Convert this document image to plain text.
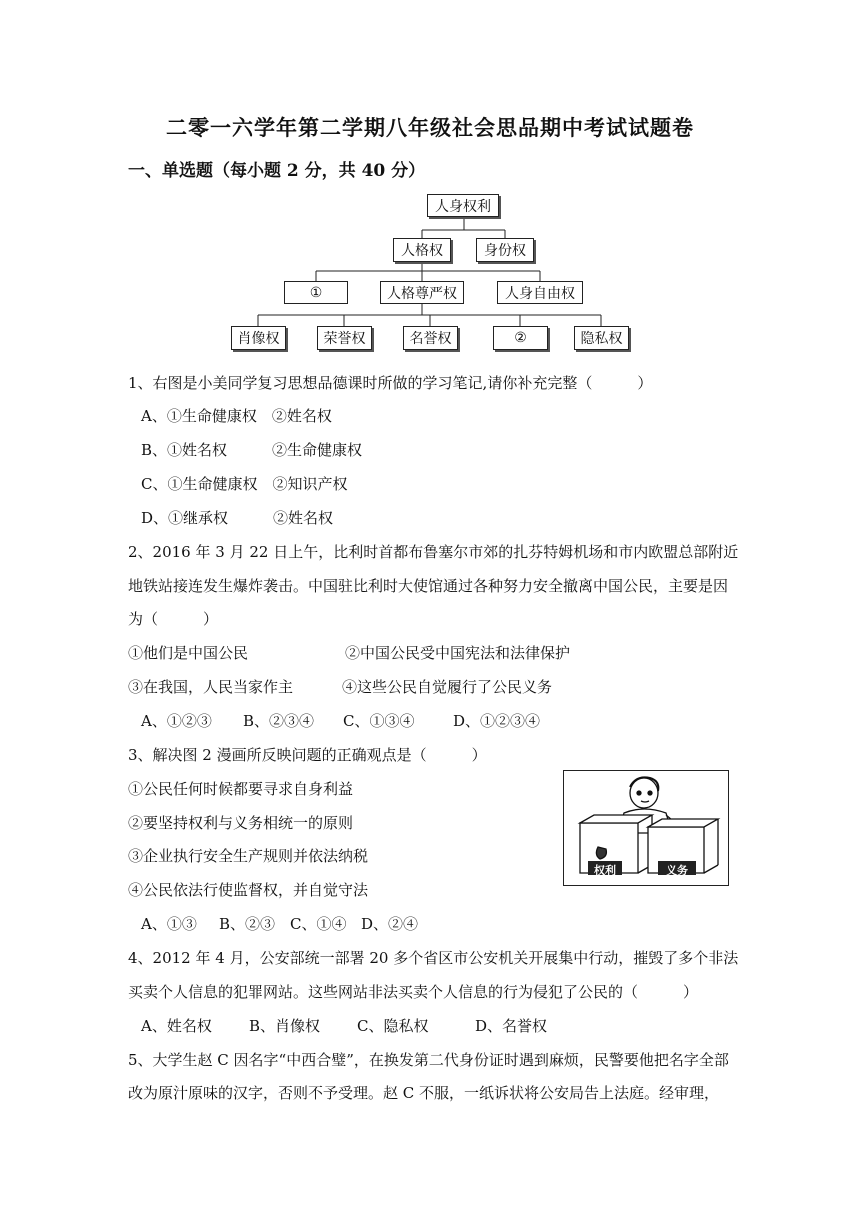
二零一六学年第二学期八年级社会思品期中考试试题卷
一、单选题（每小题 2 分，共 40 分）
人身权利
人格权	身份权
①	人格尊严权	人身自由权
肖像权	荣誉权	名誉权	②	隐私权
1、右图是小美同学复习思想品德课时所做的学习笔记,请你补充完整（　　　）
A、①生命健康权　②姓名权
B、①姓名权　　　②生命健康权
C、①生命健康权　②知识产权
D、①继承权　　　②姓名权
2、2016 年 3 月 22 日上午，比利时首都布鲁塞尔市郊的扎芬特姆机场和市内欧盟总部附近
地铁站接连发生爆炸袭击。中国驻比利时大使馆通过各种努力安全撤离中国公民，主要是因
为（　　　）
①他们是中国公民	②中国公民受中国宪法和法律保护
③在我国，人民当家作主	④这些公民自觉履行了公民义务
A、①②③ B、②③④ C、①③④	D、①②③④
3、解决图 2 漫画所反映问题的正确观点是（　　　）
①公民任何时候都要寻求自身利益
②要坚持权利与义务相统一的原则
③企业执行安全生产规则并依法纳税
④公民依法行使监督权，并自觉守法
A、①③ B、②③ C、①④ D、②④
权利	义务
4、2012 年 4 月，公安部统一部署 20 多个省区市公安机关开展集中行动，摧毁了多个非法
买卖个人信息的犯罪网站。这些网站非法买卖个人信息的行为侵犯了公民的（　　　）
A、姓名权 B、肖像权 C、隐私权	D、名誉权
5、大学生赵 C 因名字“中西合璧”，在换发第二代身份证时遇到麻烦，民警要他把名字全部
改为原汁原味的汉字，否则不予受理。赵 C 不服，一纸诉状将公安局告上法庭。经审理，
